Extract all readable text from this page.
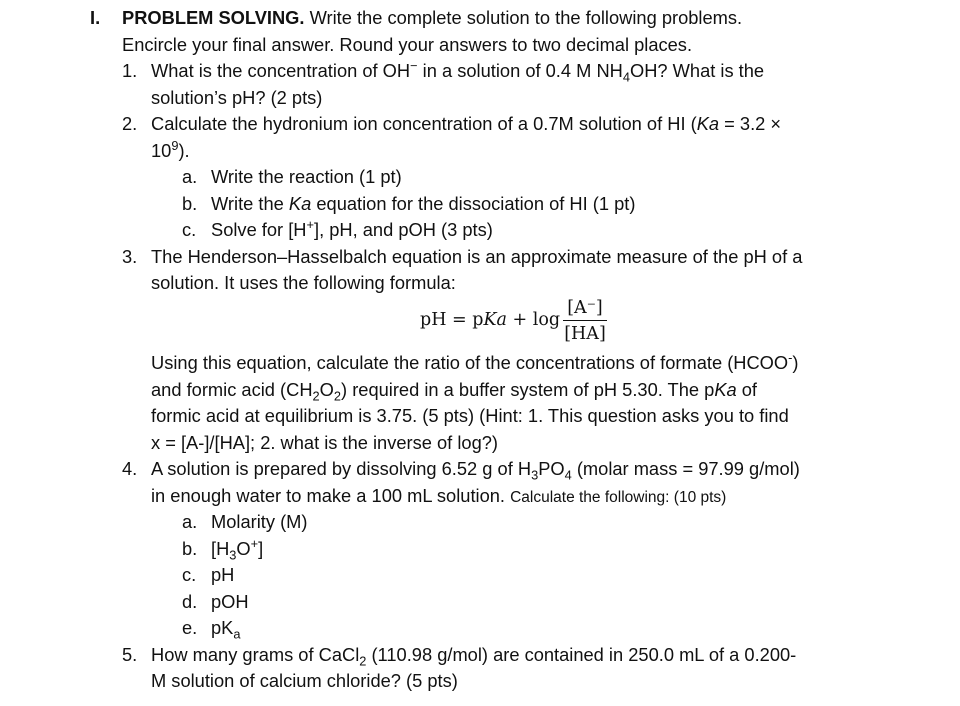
I. PROBLEM SOLVING. Write the complete solution to the following problems.
Encircle your final answer. Round your answers to two decimal places.
1. What is the concentration of OH− in a solution of 0.4 M $NH_4OH$? What is the
solution’s pH? (2 pts)
2. Calculate the hydronium ion concentration of a 0.7M solution of HI (Ka = 3.2 ×
$10^9$).
a. Write the reaction (1 pt)
b. Write the Ka equation for the dissociation of HI (1 pt)
c. Solve for [H+], pH, and pOH (3 pts)
3. The Henderson–Hasselbalch equation is an approximate measure of the pH of a
solution. It uses the following formula:
pH = pKa + log
[A⁻]
[HA]
Using this equation, calculate the ratio of the concentrations of formate (HCOO-)
and formic acid $(CH_2O_2)$ required in a buffer system of pH 5.30. The pKa of
formic acid at equilibrium is 3.75. (5 pts) (Hint: 1. This question asks you to find
x = [A-]/[HA]; 2. what is the inverse of log?)
4. A solution is prepared by dissolving 6.52 g of $H_3PO_4$ (molar mass = 97.99 g/mol)
in enough water to make a 100 mL solution. Calculate the following: (10 pts)
a. Molarity (M)
b. $[H_3O^+]$
c. pH
d. pOH
e. $pK_a$
5. How many grams of CaCl$_2$ (110.98 g/mol) are contained in 250.0 mL of a 0.200-
M solution of calcium chloride? (5 pts)
